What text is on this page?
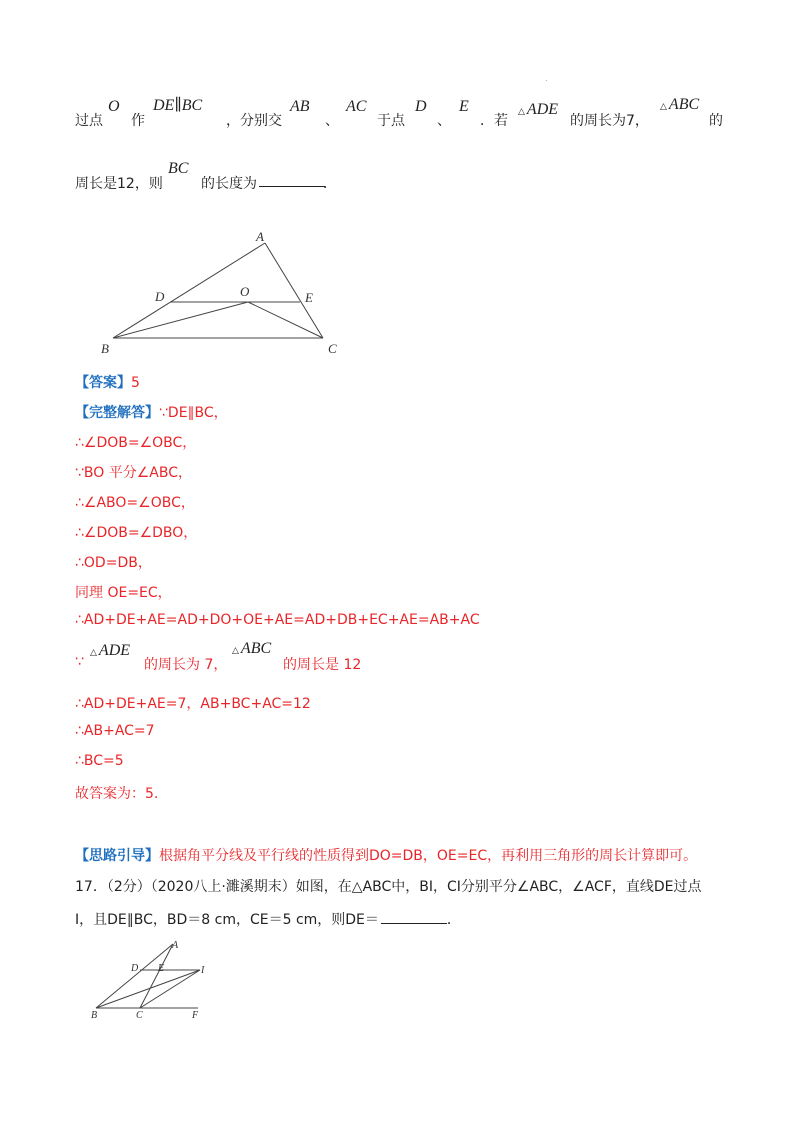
.
过点
O
作
DE∥BC
，分别交
AB
、
AC
于点
D
、
E
．若
△ ADE
的周长为7，
△ ABC
的
周长是12，则
BC
的长度为	．
A
O
D	E
B	C
【答案】5
【完整解答】∵DE∥BC，
∴∠DOB=∠OBC，
∵BO 平分∠ABC，
∴∠ABO=∠OBC，
∴∠DOB=∠DBO，
∴OD=DB，
同理 OE=EC，
∴AD+DE+AE=AD+DO+OE+AE=AD+DB+EC+AE=AB+AC
∵
△ ADE
的周长为 7，
△ ABC
的周长是 12
∴AD+DE+AE=7，AB+BC+AC=12
∴AB+AC=7
∴BC=5
故答案为：5.
【思路引导】根据角平分线及平行线的性质得到DO=DB，OE=EC，再利用三角形的周长计算即可。
17．（2分）（2020八上·濉溪期末）如图，在△ABC中，BI，CI分别平分∠ABC，∠ACF，直线DE过点
I，且DE∥BC，BD＝8 cm，CE＝5 cm，则DE＝	．
A
D E	I
B	C	F
